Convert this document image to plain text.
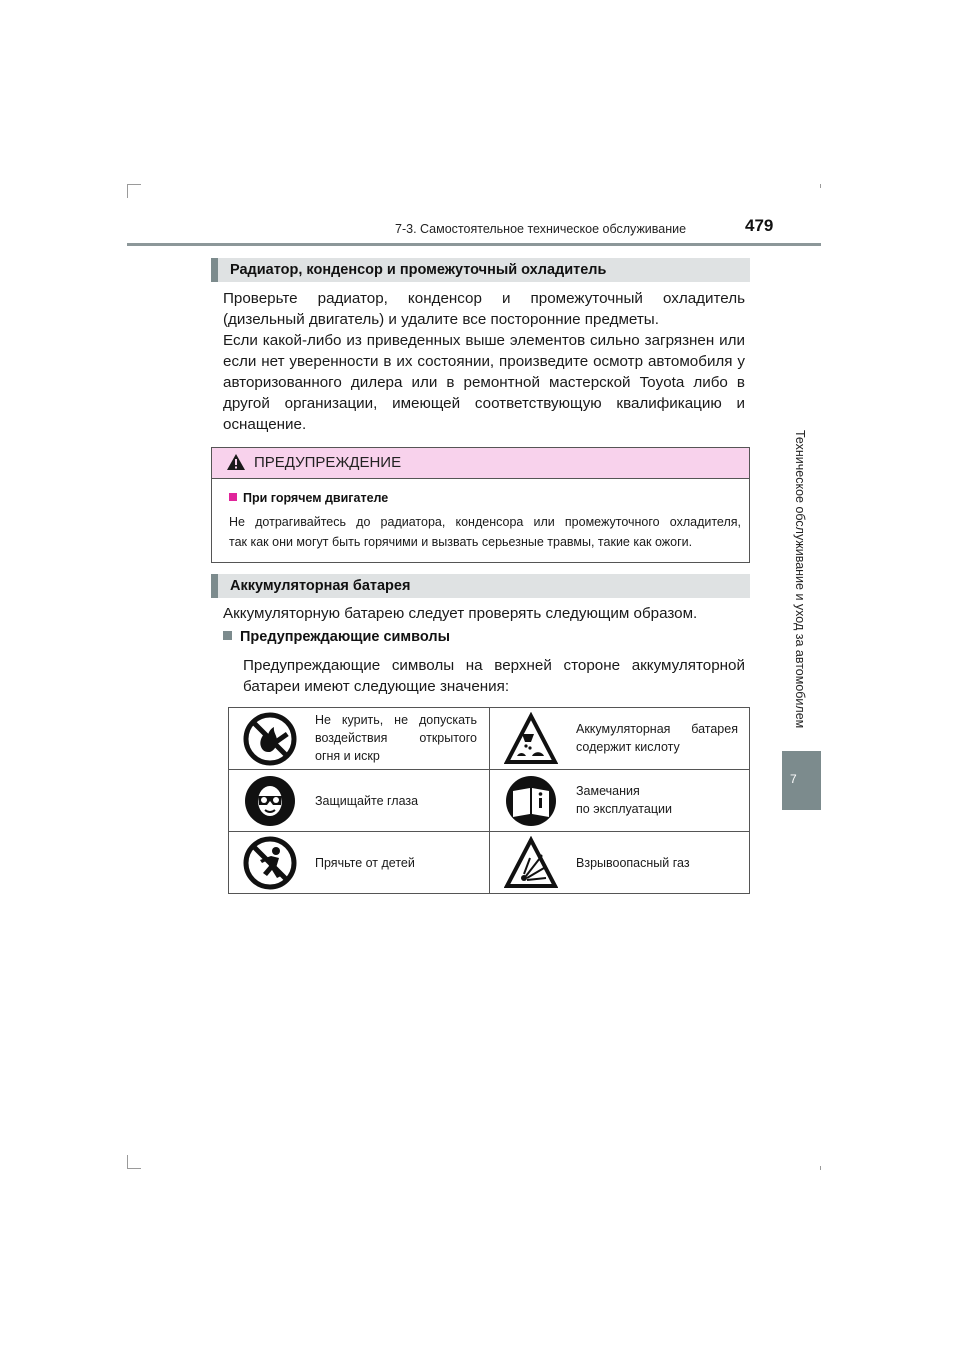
7-3. Самостоятельное техническое обслуживание	479
Техническое обслуживание и уход за автомобилем
7
Радиатор, конденсор и промежуточный охладитель
Проверьте радиатор, конденсор и промежуточный охладитель
(дизельный двигатель) и удалите все посторонние предметы.
Если какой-либо из приведенных выше элементов сильно загрязнен или
если нет уверенности в их состоянии, произведите осмотр автомобиля у
авторизованного дилера или в ремонтной мастерской Toyota либо в
другой организации, имеющей соответствующую квалификацию и
оснащение.
ПРЕДУПРЕЖДЕНИЕ
При горячем двигателе
Не дотрагивайтесь до радиатора, конденсора или промежуточного охладителя,
так как они могут быть горячими и вызвать серьезные травмы, такие как ожоги.
Аккумуляторная батарея
Аккумуляторную батарею следует проверять следующим образом.
Предупреждающие символы
Предупреждающие символы на верхней стороне аккумуляторной
батареи имеют следующие значения:
Не курить, не допускать
воздействия открытого
огня и искр
Аккумуляторная батарея
содержит кислоту
Защищайте глаза
Замечания
по эксплуатации
Прячьте от детей	Взрывоопасный газ
